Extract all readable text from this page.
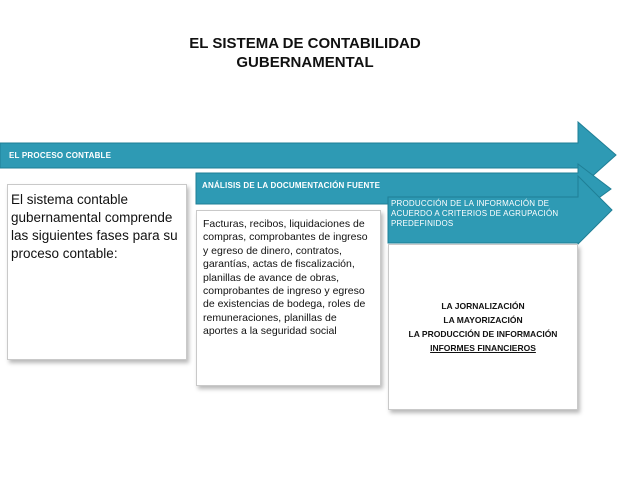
EL SISTEMA DE CONTABILIDAD
GUBERNAMENTAL
EL PROCESO CONTABLE
ANÁLISIS DE LA DOCUMENTACIÓN FUENTE
PRODUCCIÓN DE LA INFORMACIÓN DE ACUERDO A CRITERIOS DE AGRUPACIÓN PREDEFINIDOS
El sistema contable gubernamental comprende las siguientes fases para su proceso contable:
Facturas, recibos, liquidaciones de compras, comprobantes de ingreso y egreso de dinero, contratos, garantías, actas de fiscalización, planillas de avance de obras, comprobantes de ingreso y egreso de existencias de bodega, roles de remuneraciones, planillas de aportes a la seguridad social
LA JORNALIZACIÓN
LA MAYORIZACIÓN
LA PRODUCCIÓN DE INFORMACIÓN
INFORMES FINANCIEROS
